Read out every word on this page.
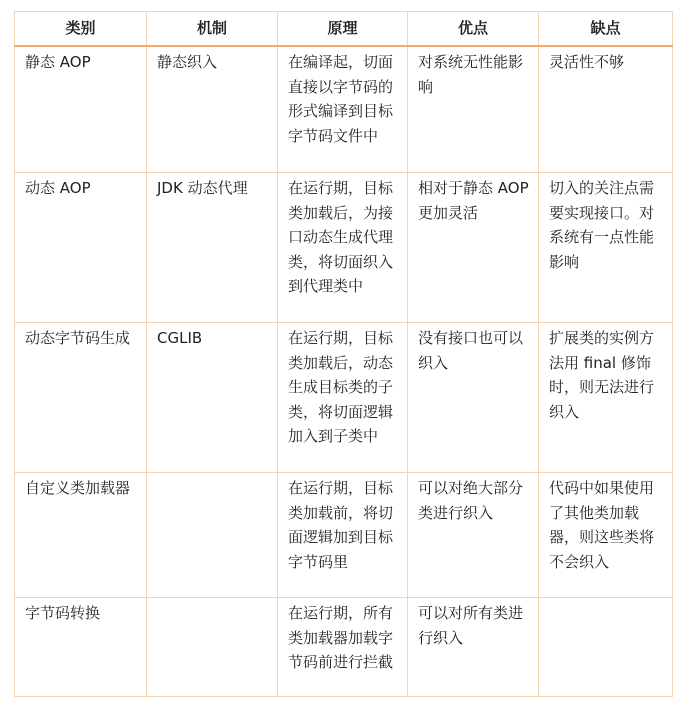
类别	机制	原理	优点	缺点
静态 AOP	静态织入	在编译起，切面直接以字节码的形式编译到目标字节码文件中	对系统无性能影响	灵活性不够
动态 AOP	JDK 动态代理	在运行期，目标类加载后，为接口动态生成代理类，将切面织入到代理类中	相对于静态 AOP 更加灵活	切入的关注点需要实现接口。对系统有一点性能影响
动态字节码生成	CGLIB	在运行期，目标类加载后，动态生成目标类的子类，将切面逻辑加入到子类中	没有接口也可以织入	扩展类的实例方法用 final 修饰时，则无法进行织入
自定义类加载器		在运行期，目标类加载前，将切面逻辑加到目标字节码里	可以对绝大部分类进行织入	代码中如果使用了其他类加载器，则这些类将不会织入
字节码转换		在运行期，所有类加载器加载字节码前进行拦截	可以对所有类进行织入	
